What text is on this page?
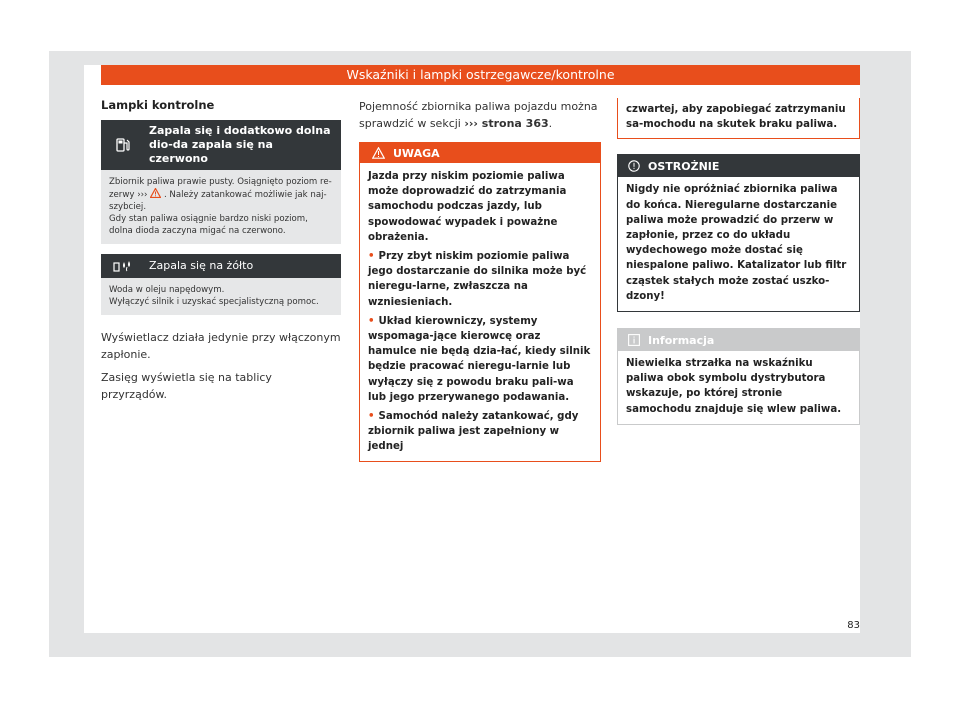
Wskaźniki i lampki ostrzegawcze/kontrolne
Lampki kontrolne
Zapala się i dodatkowo dolna dio-da zapala się na czerwono
Zbiornik paliwa prawie pusty. Osiągnięto poziom re-zerwy ››› . Należy zatankować możliwie jak naj-szybciej.
Gdy stan paliwa osiągnie bardzo niski poziom, dolna dioda zaczyna migać na czerwono.
Zapala się na żółto
Woda w oleju napędowym.
Wyłączyć silnik i uzyskać specjalistyczną pomoc.

Wyświetlacz działa jedynie przy włączonym zapłonie.

Zasięg wyświetla się na tablicy przyrządów.

Pojemność zbiornika paliwa pojazdu można sprawdzić w sekcji ››› strona 363.

UWAGA

Jazda przy niskim poziomie paliwa może doprowadzić do zatrzymania samochodu podczas jazdy, lub spowodować wypadek i poważne obrażenia.

• Przy zbyt niskim poziomie paliwa jego dostarczanie do silnika może być nieregu-larne, zwłaszcza na wzniesieniach.

• Układ kierowniczy, systemy wspomaga-jące kierowcę oraz hamulce nie będą dzia-łać, kiedy silnik będzie pracować nieregu-larnie lub wyłączy się z powodu braku pali-wa lub jego przerywanego podawania.

• Samochód należy zatankować, gdy zbiornik paliwa jest zapełniony w jednej

czwartej, aby zapobiegać zatrzymaniu sa-mochodu na skutek braku paliwa.
OSTROŻNIE
Nigdy nie opróżniać zbiornika paliwa do końca. Nieregularne dostarczanie paliwa może prowadzić do przerw w zapłonie, przez co do układu wydechowego może dostać się niespalone paliwo. Katalizator lub filtr cząstek stałych może zostać uszko-dzony!
Informacja
Niewielka strzałka na wskaźniku paliwa obok symbolu dystrybutora wskazuje, po której stronie samochodu znajduje się wlew paliwa.
83
